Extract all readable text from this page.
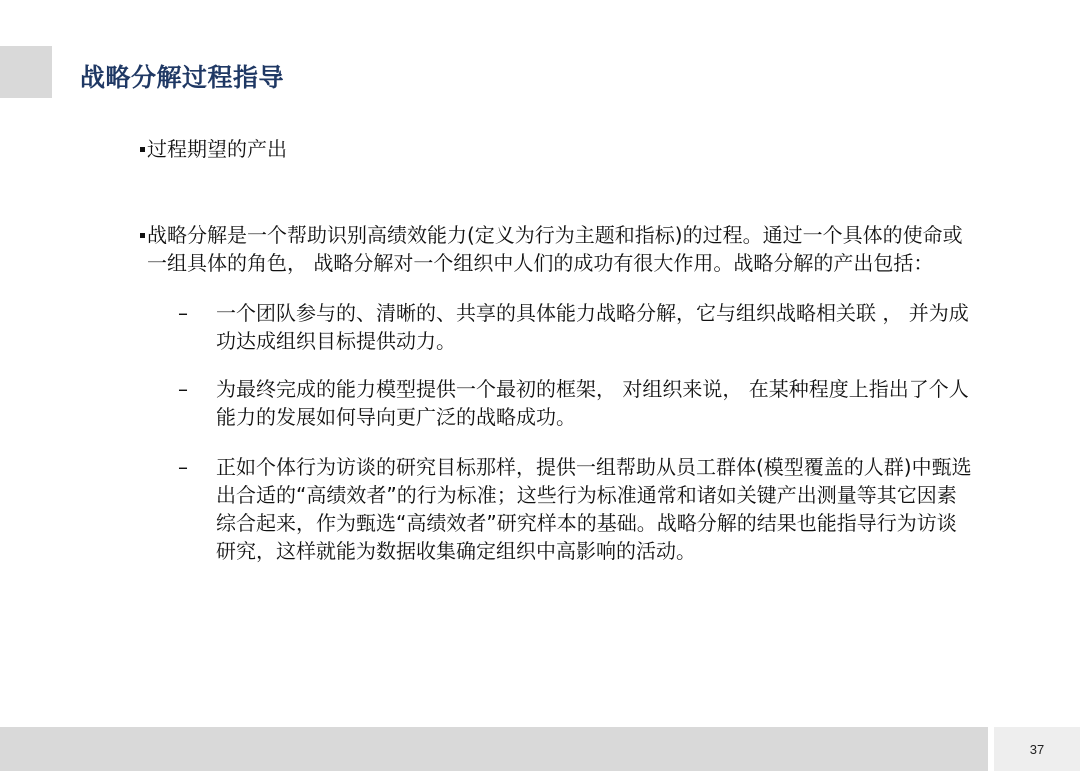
战略分解过程指导
过程期望的产出
战略分解是一个帮助识别高绩效能力(定义为行为主题和指标)的过程。通过一个具体的使命或一组具体的角色， 战略分解对一个组织中人们的成功有很大作用。战略分解的产出包括：
– 一个团队参与的、清晰的、共享的具体能力战略分解，它与组织战略相关联 ， 并为成功达成组织目标提供动力。
– 为最终完成的能力模型提供一个最初的框架， 对组织来说， 在某种程度上指出了个人能力的发展如何导向更广泛的战略成功。
– 正如个体行为访谈的研究目标那样，提供一组帮助从员工群体(模型覆盖的人群)中甄选出合适的“高绩效者”的行为标准；这些行为标准通常和诸如关键产出测量等其它因素综合起来，作为甄选“高绩效者”研究样本的基础。战略分解的结果也能指导行为访谈研究，这样就能为数据收集确定组织中高影响的活动。
37
